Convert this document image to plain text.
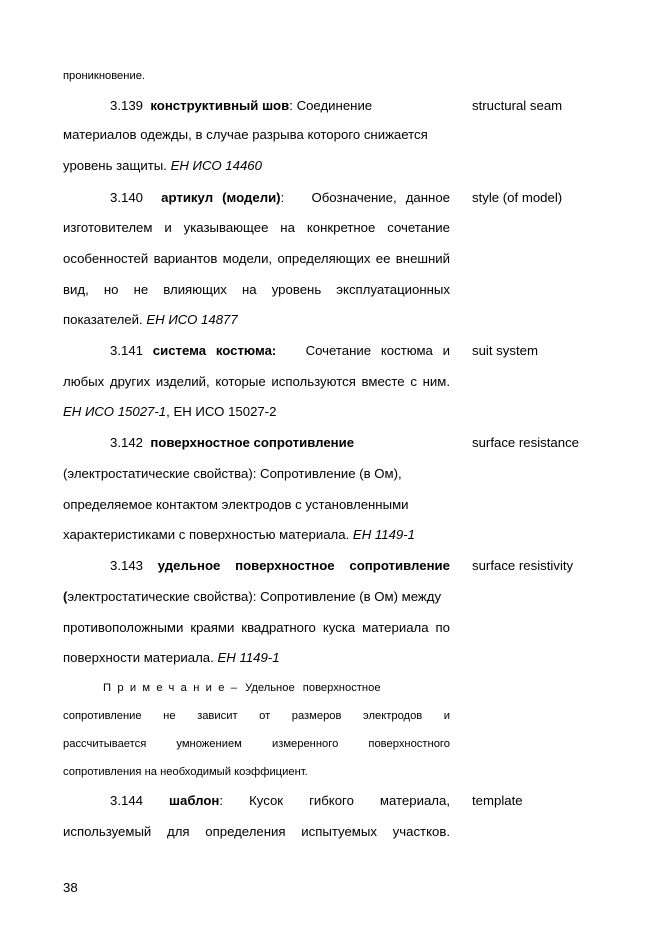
проникновение.
3.139 конструктивный шов: Соединение	structural seam
материалов одежды, в случае разрыва которого снижается
уровень защиты. ЕН ИСО 14460
3.140 артикул (модели): Обозначение, данное style (of model)
изготовителем и указывающее на конкретное сочетание
особенностей вариантов модели, определяющих ее внешний
вид, но не влияющих на уровень эксплуатационных
показателей. ЕН ИСО 14877
3.141 система костюма: Сочетание костюма и suit system
любых других изделий, которые используются вместе с ним.
ЕН ИСО 15027-1, ЕН ИСО 15027-2
3.142 поверхностное сопротивление	surface resistance
(электростатические свойства): Сопротивление (в Ом),
определяемое контактом электродов с установленными
характеристиками с поверхностью материала. ЕН 1149-1
3.143 удельное поверхностное сопротивление surface resistivity
(электростатические свойства): Сопротивление (в Ом) между
противоположными краями квадратного куска материала по
поверхности материала. ЕН 1149-1
Примечание– Удельное поверхностное
сопротивление не зависит от размеров электродов и
рассчитывается умножением измеренного поверхностного
сопротивления на необходимый коэффициент.
3.144 шаблон: Кусок гибкого материала, template
используемый для определения испытуемых участков.
38
